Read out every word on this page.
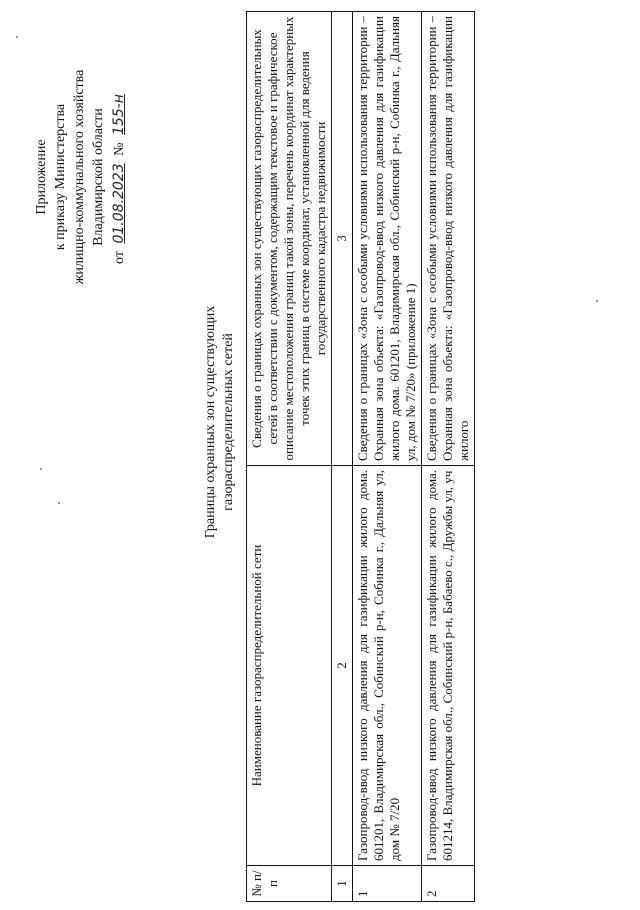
Приложение к приказу Министерства жилищно-коммунального хозяйства Владимирской области
от 01.08.2023 № 155-н
Границы охранных зон существующих газораспределительных сетей
№ п/п	Наименование газораспределительной сети	Сведения о границах охранных зон существующих газораспределительных сетей в соответствии с документом, содержащим текстовое и графическое описание местоположения границ такой зоны, перечень координат характерных точек этих границ в системе координат, установленной для ведения государственного кадастра недвижимости
1	2	3
1	Газопровод-ввод низкого давления для газификации жилого дома. 601201, Владимирская обл., Собинский р-н, Собинка г., Дальняя ул, дом № 7/20	Сведения о границах «Зона с особыми условиями использования территории – Охранная зона объекта: «Газопровод-ввод низкого давления для газификации жилого дома. 601201, Владимирская обл., Собинский р-н, Собинка г., Дальняя ул, дом № 7/20» (приложение 1)
2	Газопровод-ввод низкого давления для газификации жилого дома. 601214, Владимирская обл., Собинский р-н, Бабаево с., Дружбы ул, уч	Сведения о границах «Зона с особыми условиями использования территории – Охранная зона объекта: «Газопровод-ввод низкого давления для газификации жилого
